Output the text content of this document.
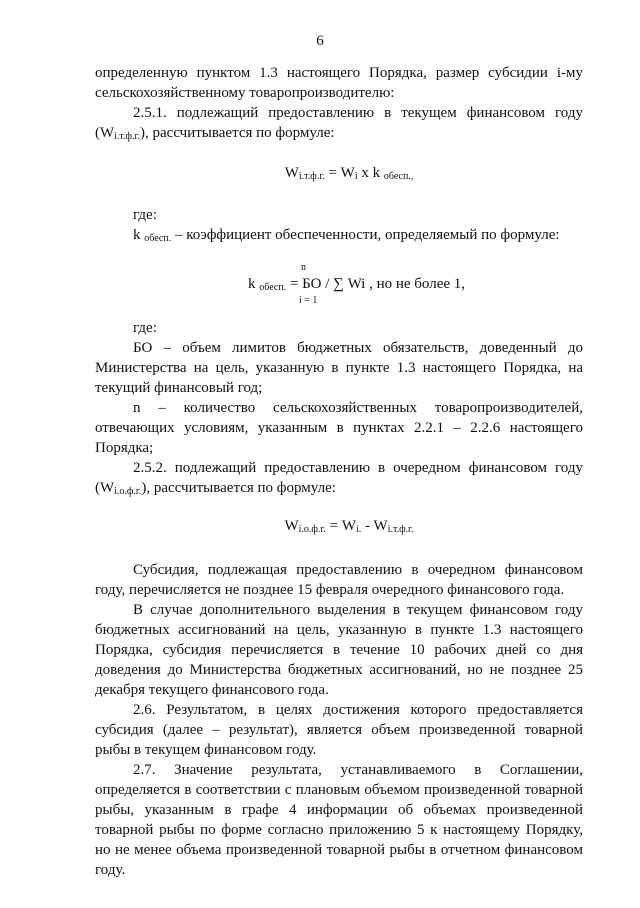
6

определенную пунктом 1.3 настоящего Порядка, размер субсидии i-му сельскохозяйственному товаропроизводителю:

2.5.1. подлежащий предоставлению в текущем финансовом году $(W_{i.т.ф.г.})$, рассчитывается по формуле:

$W_{i.т.ф.г.} = W_i$ x k $_{обесп.,}$

где:

k $_{обесп.}$ – коэффициент обеспеченности, определяемый по формуле:

n
k $_{обесп.}$ = БО / ∑ Wi , но не более 1,
i = 1

где:

БО – объем лимитов бюджетных обязательств, доведенный до Министерства на цель, указанную в пункте 1.3 настоящего Порядка, на текущий финансовый год;

n – количество сельскохозяйственных товаропроизводителей, отвечающих условиям, указанным в пунктах 2.2.1 – 2.2.6 настоящего Порядка;

2.5.2. подлежащий предоставлению в очередном финансовом году $(W_{i.о.ф.г.})$, рассчитывается по формуле:

$W_{i.о.ф.г.} = W_{i.} - W_{i.т.ф.г.}$

Субсидия, подлежащая предоставлению в очередном финансовом году, перечисляется не позднее 15 февраля очередного финансового года.

В случае дополнительного выделения в текущем финансовом году бюджетных ассигнований на цель, указанную в пункте 1.3 настоящего Порядка, субсидия перечисляется в течение 10 рабочих дней со дня доведения до Министерства бюджетных ассигнований, но не позднее 25 декабря текущего финансового года.

2.6. Результатом, в целях достижения которого предоставляется субсидия (далее – результат), является объем произведенной товарной рыбы в текущем финансовом году.

2.7. Значение результата, устанавливаемого в Соглашении, определяется в соответствии с плановым объемом произведенной товарной рыбы, указанным в графе 4 информации об объемах произведенной товарной рыбы по форме согласно приложению 5 к настоящему Порядку, но не менее объема произведенной товарной рыбы в отчетном финансовом году.
